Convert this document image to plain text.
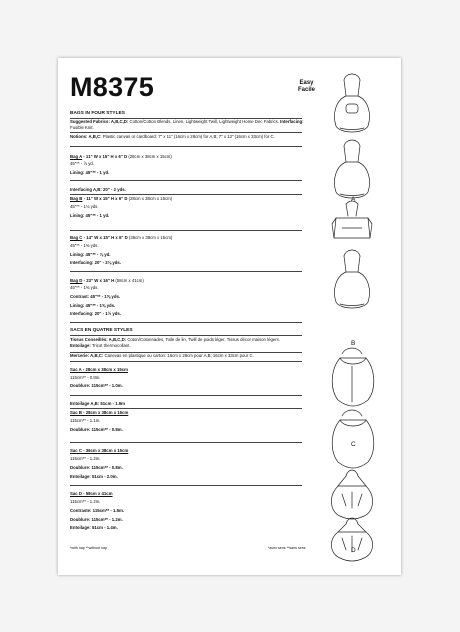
M8375	Easy
Facile
BAGS IN FOUR STYLES
Suggested Fabrics: A,B,C,D: Cotton/Cotton Blends, Linen, Lightweight Twill, Lightweight Home Dec Fabrics. Interfacing: Fusible Knit.
Notions: A,B,C: Plastic canvas or cardboard: 7" x 11" (16cm x 28cm) for A,B; 7" x 13" (16cm x 33cm) for C.
Bag A - 11" W x 15" H x 6" D (28cm x 38cm x 15cm)
45"** - ⅞ yd.
Lining: 45"** - 1 yd.
Interfacing A,B: 20" - 2 yds.
Bag B - 11" W x 15" H x 6" D (28cm x 38cm x 15cm)
45"** - 1⅛ yds.
Lining: 45"** - 1 yd.
Bag C - 14" W x 15" H x 6" D (36cm x 38cm x 15cm)
45"** - 1⅜ yds.
Lining: 45"** - ⅞ yd.
Interfacing: 20" - 2⅛ yds.
Bag D - 23" W x 16" H (58cm x 41cm)
45"** - 1⅜ yds.
Contrast: 45"** - 1⅝ yds.
Lining: 45"** - 1⅝ yds.
Interfacing: 20" - 1½ yds.
SACS EN QUATRE STYLES
Tissus Conseillés: A,B,C,D: Coton/Cotonnades, Toile de lin, Twill de poids léger, Tissus décor maison légers.
Entoilage: Tricot thermocollant.
Mercerie: A,B,C: Canevas en plastique ou carton: 16cm x 28cm pour A,B; 16cm x 33cm pour C.
Sac A - 28cm x 38cm x 15cm
115cm** - 0.8m.
Doublure: 115cm** - 1.0m.
Entoilage A,B: 51cm - 1.9m
Sac B - 28cm x 38cm x 15cm
115cm** - 1.1m.
Doublure: 115cm** - 0.8m.
Sac C - 36cm x 38cm x 15cm
115cm** - 1.2m.
Doublure: 115cm** - 0.8m.
Entoilage: 51cm - 2.0m.
Sac D - 58cm x 41cm
115cm** - 1.2m.
Contraste: 115cm** - 1.5m.
Doublure: 115cm** - 1.2m.
Entoilage: 51cm - 1.4m.
*with nap **without nap	*avec sens **sans sens
A
B
C
D
